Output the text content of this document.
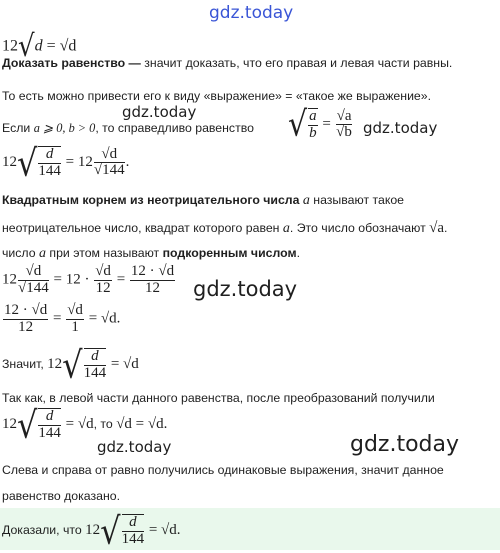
gdz.today
12√d = √d
Доказать равенство — значит доказать, что его правая и левая части равны.
То есть можно привести его к виду «выражение» = «такое же выражение».
gdz.today
Если a ⩾ 0, b > 0, то справедливо равенство √ $\frac{a}{b} = \frac{√a}{√b}$ gdz.today
$12√ \frac{d}{144} = 12 \frac{√d}{√144}$ .
Квадратным корнем из неотрицательного числа a называют такое
неотрицательное число, квадрат которого равен a. Это число обозначают √a.
число a при этом называют подкоренным числом.
$12 \frac{√d}{√144} = 12 \cdot \frac{√d}{12} = \frac{12 \cdot √d}{12}$ gdz.today
$\frac{12 \cdot √d}{12} = \frac{√d}{1} = √d$.
Значит, $12√ \frac{d}{144} = √d$
Так как, в левой части данного равенства, после преобразований получили
$12√ \frac{d}{144} = √d$, то √d = √d.
gdz.today	gdz.today
Слева и справа от равно получились одинаковые выражения, значит данное
равенство доказано.
Доказали, что $12√ \frac{d}{144} = √d$.
